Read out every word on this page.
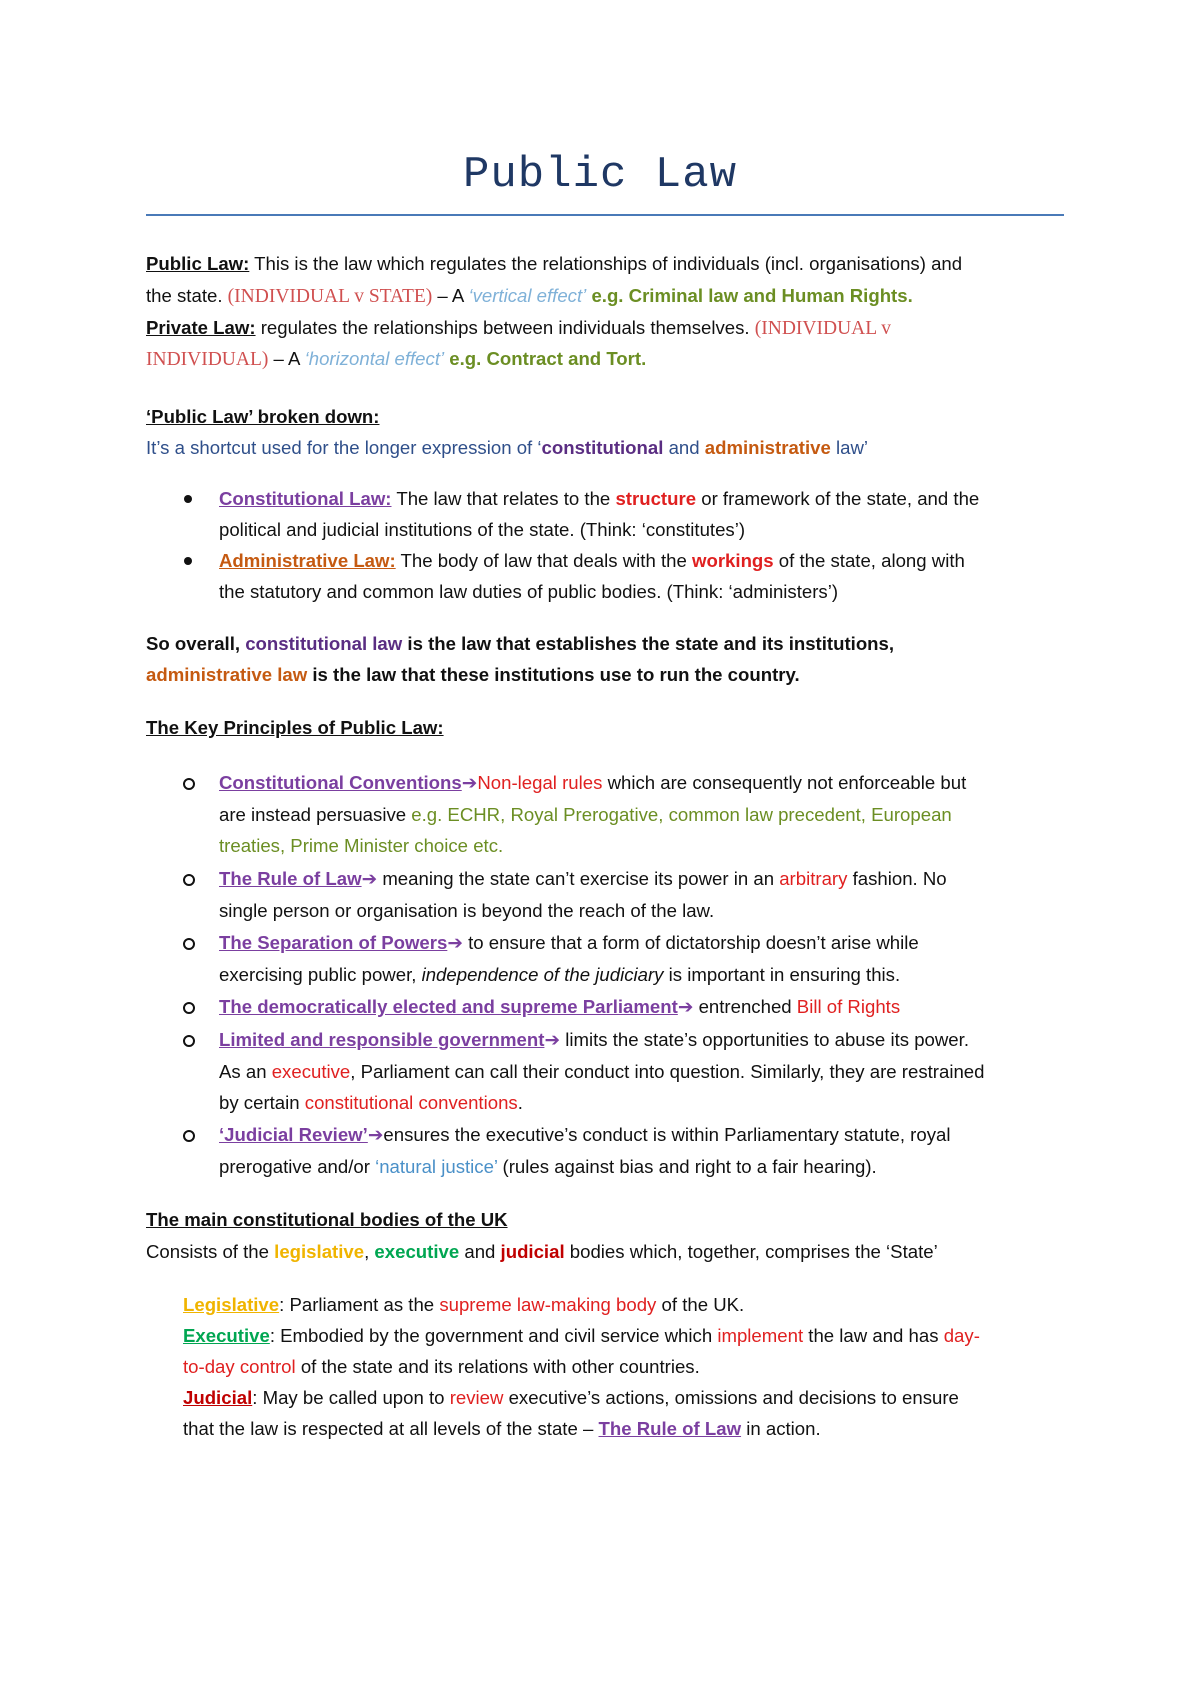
Public Law
Public Law: This is the law which regulates the relationships of individuals (incl. organisations) and
the state. (INDIVIDUAL v STATE) – A ‘vertical effect’ e.g. Criminal law and Human Rights.
Private Law: regulates the relationships between individuals themselves. (INDIVIDUAL v
INDIVIDUAL) – A ‘horizontal effect’ e.g. Contract and Tort.
‘Public Law’ broken down:
It’s a shortcut used for the longer expression of ‘constitutional and administrative law’
Constitutional Law: The law that relates to the structure or framework of the state, and the
political and judicial institutions of the state. (Think: ‘constitutes’)
Administrative Law: The body of law that deals with the workings of the state, along with
the statutory and common law duties of public bodies. (Think: ‘administers’)
So overall, constitutional law is the law that establishes the state and its institutions,
administrative law is the law that these institutions use to run the country.
The Key Principles of Public Law:
Constitutional Conventions➔Non-legal rules which are consequently not enforceable but
are instead persuasive e.g. ECHR, Royal Prerogative, common law precedent, European
treaties, Prime Minister choice etc.
The Rule of Law➔ meaning the state can’t exercise its power in an arbitrary fashion. No
single person or organisation is beyond the reach of the law.
The Separation of Powers➔ to ensure that a form of dictatorship doesn’t arise while
exercising public power, independence of the judiciary is important in ensuring this.
The democratically elected and supreme Parliament➔ entrenched Bill of Rights
Limited and responsible government➔ limits the state’s opportunities to abuse its power.
As an executive, Parliament can call their conduct into question. Similarly, they are restrained
by certain constitutional conventions.
‘Judicial Review’➔ensures the executive’s conduct is within Parliamentary statute, royal
prerogative and/or ‘natural justice’ (rules against bias and right to a fair hearing).
The main constitutional bodies of the UK
Consists of the legislative, executive and judicial bodies which, together, comprises the ‘State’
Legislative: Parliament as the supreme law-making body of the UK.
Executive: Embodied by the government and civil service which implement the law and has day-
to-day control of the state and its relations with other countries.
Judicial: May be called upon to review executive’s actions, omissions and decisions to ensure
that the law is respected at all levels of the state – The Rule of Law in action.
